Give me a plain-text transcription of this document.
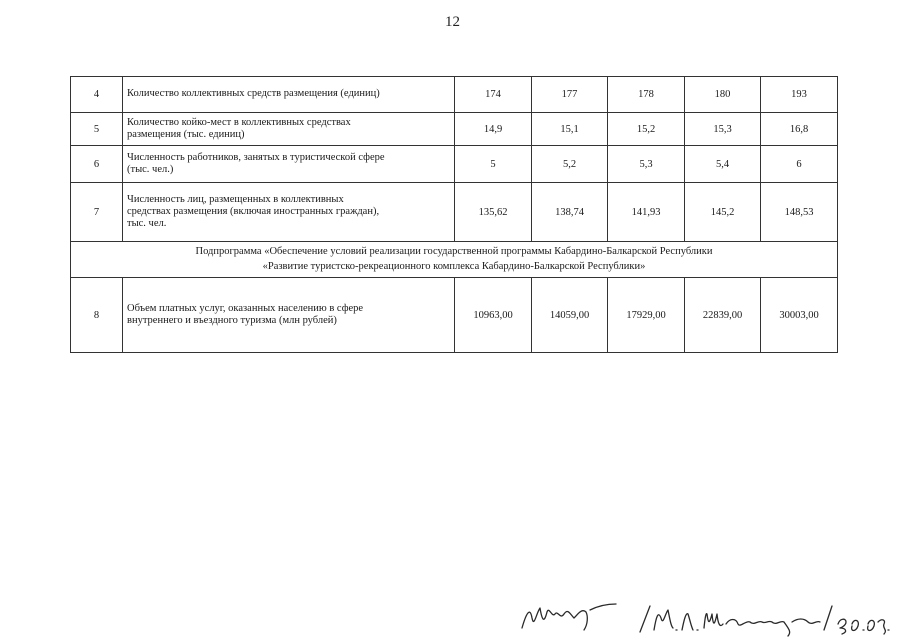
12
4	Количество коллективных средств размещения (единиц)	174	177	178	180	193
5	Количество койко-мест в коллективных средствах
размещения (тыс. единиц)	14,9	15,1	15,2	15,3	16,8
6	Численность работников, занятых в туристической сфере
(тыс. чел.)	5	5,2	5,3	5,4	6
7	Численность лиц, размещенных в коллективных
средствах размещения (включая иностранных граждан),
тыс. чел.	135,62	138,74	141,93	145,2	148,53

Подпрограмма «Обеспечение условий реализации государственной программы Кабардино-Балкарской Республики
«Развитие туристско-рекреационного комплекса Кабардино-Балкарской Республики»						

8	Объем платных услуг, оказанных населению в сфере
внутреннего и въездного туризма (млн рублей)	10963,00	14059,00	17929,00	22839,00	30003,00
